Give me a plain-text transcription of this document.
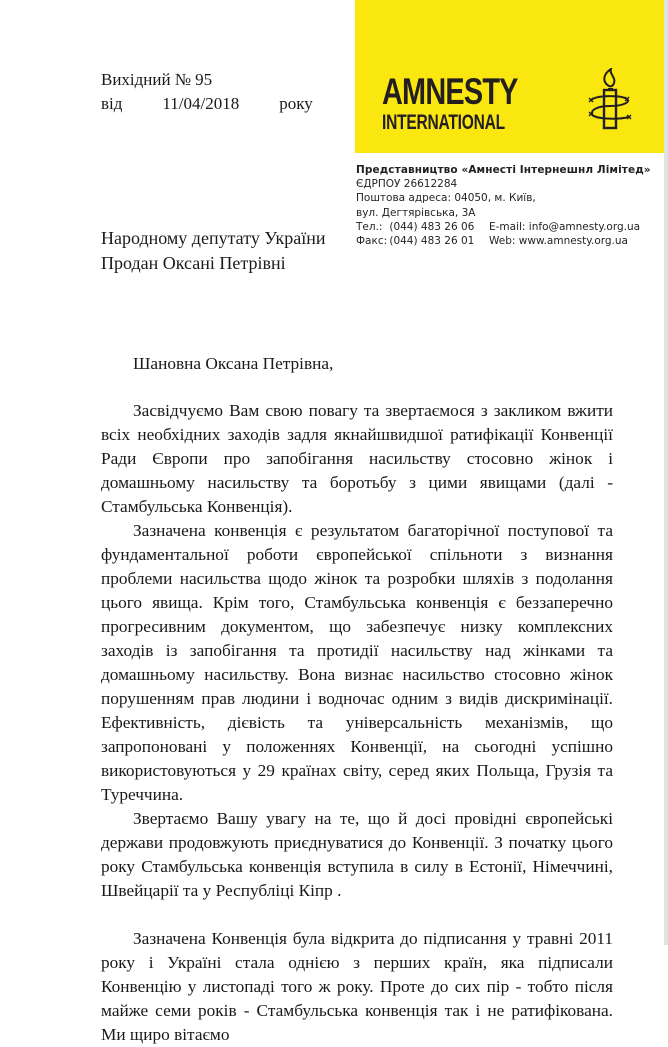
Вихідний № 95
від 11/04/2018 року AMNESTY
INTERNATIONAL
Представництво «Амнесті Інтернешнл Лімітед»
ЄДРПОУ 26612284
Поштова адреса: 04050, м. Київ,
вул. Дегтярівська, 3А
Тел.: (044) 483 26 06	E-mail: info@amnesty.org.ua
Факс: (044) 483 26 01	Web: www.amnesty.org.ua
Народному депутату України
Продан Оксані Петрівні

Шановна Оксана Петрівна,

Засвідчуємо Вам свою повагу та звертаємося з закликом вжити всіх необхідних заходів задля якнайшвидшої ратифікації Конвенції Ради Європи про запобігання насильству стосовно жінок і домашньому насильству та боротьбу з цими явищами (далі - Стамбульська Конвенція).

Зазначена конвенція є результатом багаторічної поступової та фундаментальної роботи європейської спільноти з визнання проблеми насильства щодо жінок та розробки шляхів з подолання цього явища. Крім того, Стамбульська конвенція є беззаперечно прогресивним документом, що забезпечує низку комплексних заходів із запобігання та протидії насильству над жінками та домашньому насильству. Вона визнає насильство стосовно жінок порушенням прав людини і водночас одним з видів дискримінації. Ефективність, дієвість та універсальність механізмів, що запропоновані у положеннях Конвенції, на сьогодні успішно використовуються у 29 країнах світу, серед яких Польща, Грузія та Туреччина.

Звертаємо Вашу увагу на те, що й досі провідні європейські держави продовжують приєднуватися до Конвенції. З початку цього року Стамбульська конвенція вступила в силу в Естонії, Німеччині, Швейцарії та у Республіці Кіпр .

Зазначена Конвенція була відкрита до підписання у травні 2011 року і Україні стала однією з перших країн, яка підписали Конвенцію у листопаді того ж року. Проте до сих пір - тобто після майже семи років - Стамбульська конвенція так і не ратифікована. Ми щиро вітаємо
